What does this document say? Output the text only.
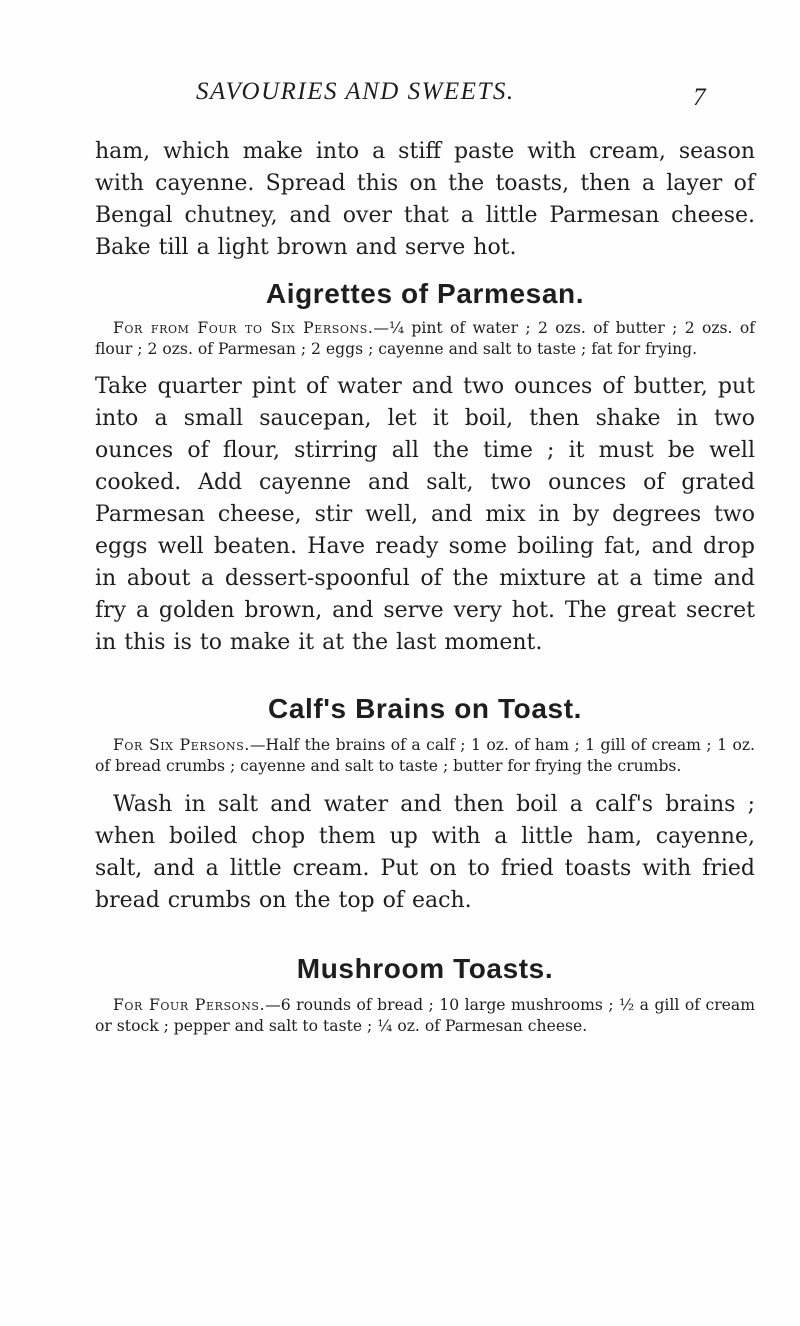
SAVOURIES AND SWEETS.	7

ham, which make into a stiff paste with cream, season with cayenne. Spread this on the toasts, then a layer of Bengal chutney, and over that a little Parmesan cheese. Bake till a light brown and serve hot.

Aigrettes of Parmesan.

For from Four to Six Persons.—¼ pint of water ; 2 ozs. of butter ; 2 ozs. of flour ; 2 ozs. of Parmesan ; 2 eggs ; cayenne and salt to taste ; fat for frying.

Take quarter pint of water and two ounces of butter, put into a small saucepan, let it boil, then shake in two ounces of flour, stirring all the time ; it must be well cooked. Add cayenne and salt, two ounces of grated Parmesan cheese, stir well, and mix in by degrees two eggs well beaten. Have ready some boiling fat, and drop in about a dessert-spoonful of the mixture at a time and fry a golden brown, and serve very hot. The great secret in this is to make it at the last moment.

Calf's Brains on Toast.

For Six Persons.—Half the brains of a calf ; 1 oz. of ham ; 1 gill of cream ; 1 oz. of bread crumbs ; cayenne and salt to taste ; butter for frying the crumbs.

Wash in salt and water and then boil a calf's brains ; when boiled chop them up with a little ham, cayenne, salt, and a little cream. Put on to fried toasts with fried bread crumbs on the top of each.

Mushroom Toasts.

For Four Persons.—6 rounds of bread ; 10 large mushrooms ; ½ a gill of cream or stock ; pepper and salt to taste ; ¼ oz. of Parmesan cheese.
